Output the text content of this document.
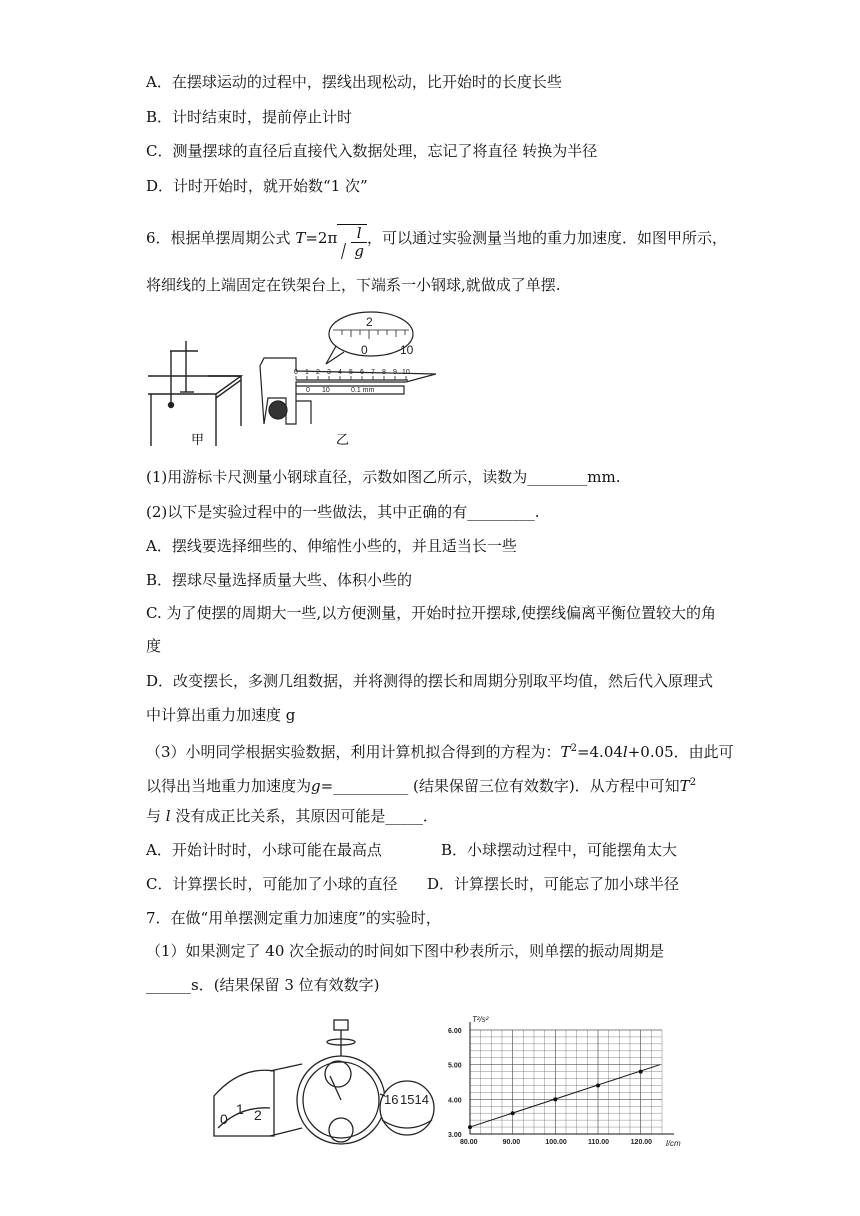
A．在摆球运动的过程中，摆线出现松动，比开始时的长度长些
B．计时结束时，提前停止计时
C．测量摆球的直径后直接代入数据处理，忘记了将直径 转换为半径
D．计时开始时，就开始数“1 次”
6．根据单摆周期公式 $T=2\pi \frac{l}{g}$ ，可以通过实验测量当地的重力加速度．如图甲所示，
将细线的上端固定在铁架台上，下端系一小钢球,就做成了单摆.
甲	乙
0 1 2 3 4 5 6 7 8 9 10
0 10	0.1 mm
2
0	10
(1)用游标卡尺测量小钢球直径，示数如图乙所示，读数为________mm.
(2)以下是实验过程中的一些做法，其中正确的有_________.
A．摆线要选择细些的、伸缩性小些的，并且适当长一些
B．摆球尽量选择质量大些、体积小些的
C. 为了使摆的周期大一些,以方便测量，开始时拉开摆球,使摆线偏离平衡位置较大的角
度
D．改变摆长，多测几组数据，并将测得的摆长和周期分别取平均值，然后代入原理式
中计算出重力加速度 g
（3）小明同学根据实验数据，利用计算机拟合得到的方程为：$T^2=4.04l+0.05$．由此可
以得出当地重力加速度为g=__________ (结果保留三位有效数字)．从方程中可知$T^2$
与 l 没有成正比关系，其原因可能是_____．
A．开始计时时，小球可能在最高点	B．小球摆动过程中，可能摆角太大
C．计算摆长时，可能加了小球的直径 D．计算摆长时，可能忘了加小球半径
7．在做“用单摆测定重力加速度”的实验时，
（1）如果测定了 40 次全振动的时间如下图中秒表所示，则单摆的振动周期是
______s．(结果保留 3 位有效数字)
0
1 2
16 1514
80.00	90.00	100.00	110.00	120.00
3.00
4.00
5.00
6.00
T²/s²
l/cm
